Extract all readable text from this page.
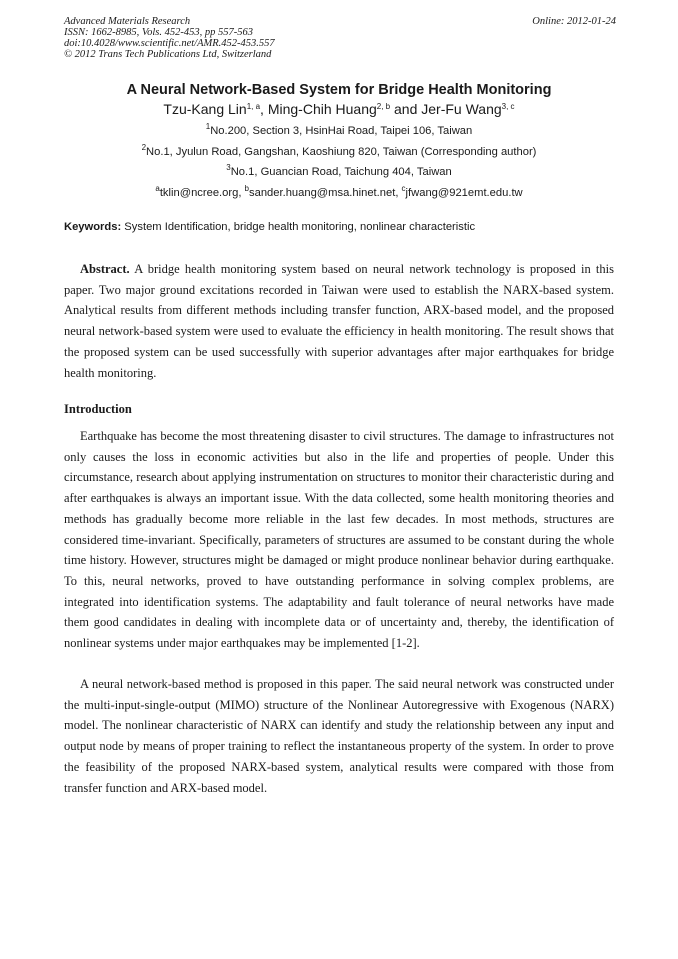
Advanced Materials Research
ISSN: 1662-8985, Vols. 452-453, pp 557-563
doi:10.4028/www.scientific.net/AMR.452-453.557
© 2012 Trans Tech Publications Ltd, Switzerland
Online: 2012-01-24
A Neural Network-Based System for Bridge Health Monitoring
Tzu-Kang Lin$^{1, a}$, Ming-Chih Huang$^{2, b}$ and Jer-Fu Wang$^{3, c}$
$^1$No.200, Section 3, HsinHai Road, Taipei 106, Taiwan
$^2$No.1, Jyulun Road, Gangshan, Kaoshiung 820, Taiwan (Corresponding author)
$^3$No.1, Guancian Road, Taichung 404, Taiwan
$^a$tklin@ncree.org, $^b$sander.huang@msa.hinet.net, $^c$jfwang@921emt.edu.tw
Keywords: System Identification, bridge health monitoring, nonlinear characteristic

Abstract. A bridge health monitoring system based on neural network technology is proposed in this paper. Two major ground excitations recorded in Taiwan were used to establish the NARX-based system. Analytical results from different methods including transfer function, ARX-based model, and the proposed neural network-based system were used to evaluate the efficiency in health monitoring. The result shows that the proposed system can be used successfully with superior advantages after major earthquakes for bridge health monitoring.

Introduction

Earthquake has become the most threatening disaster to civil structures. The damage to infrastructures not only causes the loss in economic activities but also in the life and properties of people. Under this circumstance, research about applying instrumentation on structures to monitor their characteristic during and after earthquakes is always an important issue. With the data collected, some health monitoring theories and methods has gradually become more reliable in the last few decades. In most methods, structures are considered time-invariant. Specifically, parameters of structures are assumed to be constant during the whole time history. However, structures might be damaged or might produce nonlinear behavior during earthquake. To this, neural networks, proved to have outstanding performance in solving complex problems, are integrated into identification systems. The adaptability and fault tolerance of neural networks have made them good candidates in dealing with incomplete data or of uncertainty and, thereby, the identification of nonlinear systems under major earthquakes may be implemented [1-2].

A neural network-based method is proposed in this paper. The said neural network was constructed under the multi-input-single-output (MIMO) structure of the Nonlinear Autoregressive with Exogenous (NARX) model. The nonlinear characteristic of NARX can identify and study the relationship between any input and output node by means of proper training to reflect the instantaneous property of the system. In order to prove the feasibility of the proposed NARX-based system, analytical results were compared with those from transfer function and ARX-based model.
